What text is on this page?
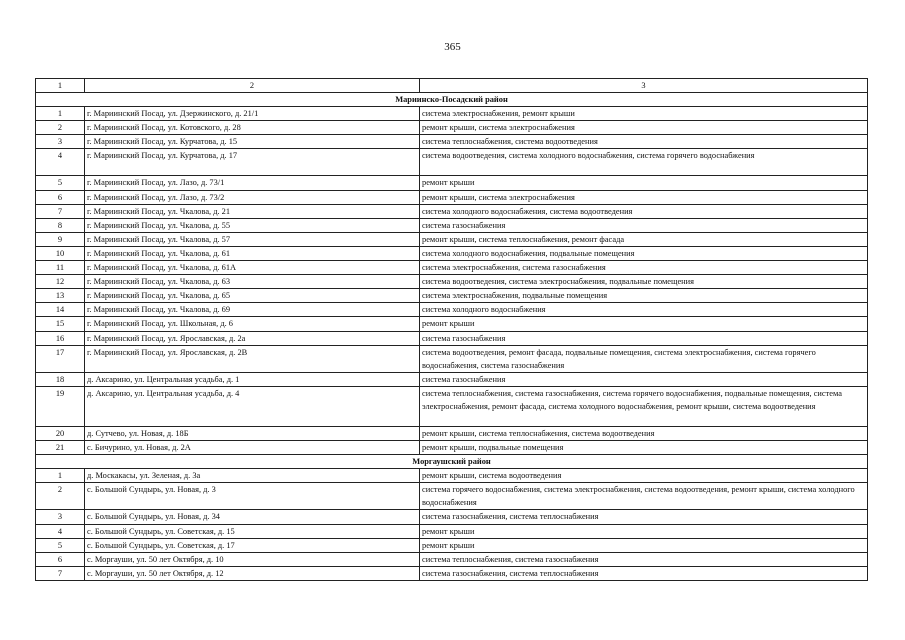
365
1	2	3
Мариинско-Посадский район		
1	г. Мариинский Посад, ул. Дзержинского, д. 21/1	система электроснабжения, ремонт крыши
2	г. Мариинский Посад, ул. Котовского, д. 28	ремонт крыши, система электроснабжения
3	г. Мариинский Посад, ул. Курчатова, д. 15	система теплоснабжения, система водоотведения
4	г. Мариинский Посад, ул. Курчатова, д. 17	система водоотведения, система холодного водоснабжения, система горячего водоснабжения
5	г. Мариинский Посад, ул. Лазо, д. 73/1	ремонт крыши
6	г. Мариинский Посад, ул. Лазо, д. 73/2	ремонт крыши, система электроснабжения
7	г. Мариинский Посад, ул. Чкалова, д. 21	система холодного водоснабжения, система водоотведения
8	г. Мариинский Посад, ул. Чкалова, д. 55	система газоснабжения
9	г. Мариинский Посад, ул. Чкалова, д. 57	ремонт крыши, система теплоснабжения, ремонт фасада
10	г. Мариинский Посад, ул. Чкалова, д. 61	система холодного водоснабжения, подвальные помещения
11	г. Мариинский Посад, ул. Чкалова, д. 61А	система электроснабжения, система газоснабжения
12	г. Мариинский Посад, ул. Чкалова, д. 63	система водоотведения, система электроснабжения, подвальные помещения
13	г. Мариинский Посад, ул. Чкалова, д. 65	система электроснабжения, подвальные помещения
14	г. Мариинский Посад, ул. Чкалова, д. 69	система холодного водоснабжения
15	г. Мариинский Посад, ул. Школьная, д. 6	ремонт крыши
16	г. Мариинский Посад, ул. Ярославская, д. 2а	система газоснабжения
17	г. Мариинский Посад, ул. Ярославская, д. 2В	система водоотведения, ремонт фасада, подвальные помещения, система электроснабжения, система горячего водоснабжения, система газоснабжения
18	д. Аксарино, ул. Центральная усадьба, д. 1	система газоснабжения
19	д. Аксарино, ул. Центральная усадьба, д. 4	система теплоснабжения, система газоснабжения, система горячего водоснабжения, подвальные помещения, система электроснабжения, ремонт фасада, система холодного водоснабжения, ремонт крыши, система водоотведения
20	д. Сутчево, ул. Новая, д. 18Б	ремонт крыши, система теплоснабжения, система водоотведения
21	с. Бичурино, ул. Новая, д. 2А	ремонт крыши, подвальные помещения
Моргаушский район		
1	д. Москакасы, ул. Зеленая, д. 3а	ремонт крыши, система водоотведения
2	с. Большой Сундырь, ул. Новая, д. 3	система горячего водоснабжения, система электроснабжения, система водоотведения, ремонт крыши, система холодного водоснабжения
3	с. Большой Сундырь, ул. Новая, д. 34	система газоснабжения, система теплоснабжения
4	с. Большой Сундырь, ул. Советская, д. 15	ремонт крыши
5	с. Большой Сундырь, ул. Советская, д. 17	ремонт крыши
6	с. Моргауши, ул. 50 лет Октября, д. 10	система теплоснабжения, система газоснабжения
7	с. Моргауши, ул. 50 лет Октября, д. 12	система газоснабжения, система теплоснабжения
